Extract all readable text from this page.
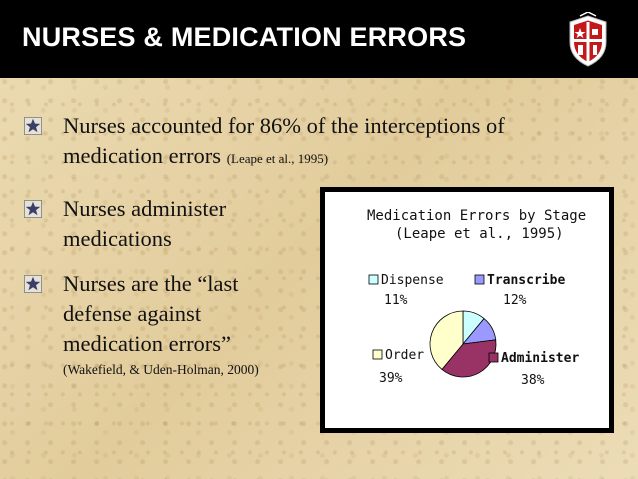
NURSES & MEDICATION ERRORS
Nurses accounted for 86% of the interceptions of
medication errors (Leape et al., 1995)
Nurses administer
medications
Nurses are the “last
defense against
medication errors”
(Wakefield, & Uden-Holman, 2000)
Medication Errors by Stage
(Leape et al., 1995)
Dispense
11%
Transcribe
12%
Administer
38%
Order
39%
